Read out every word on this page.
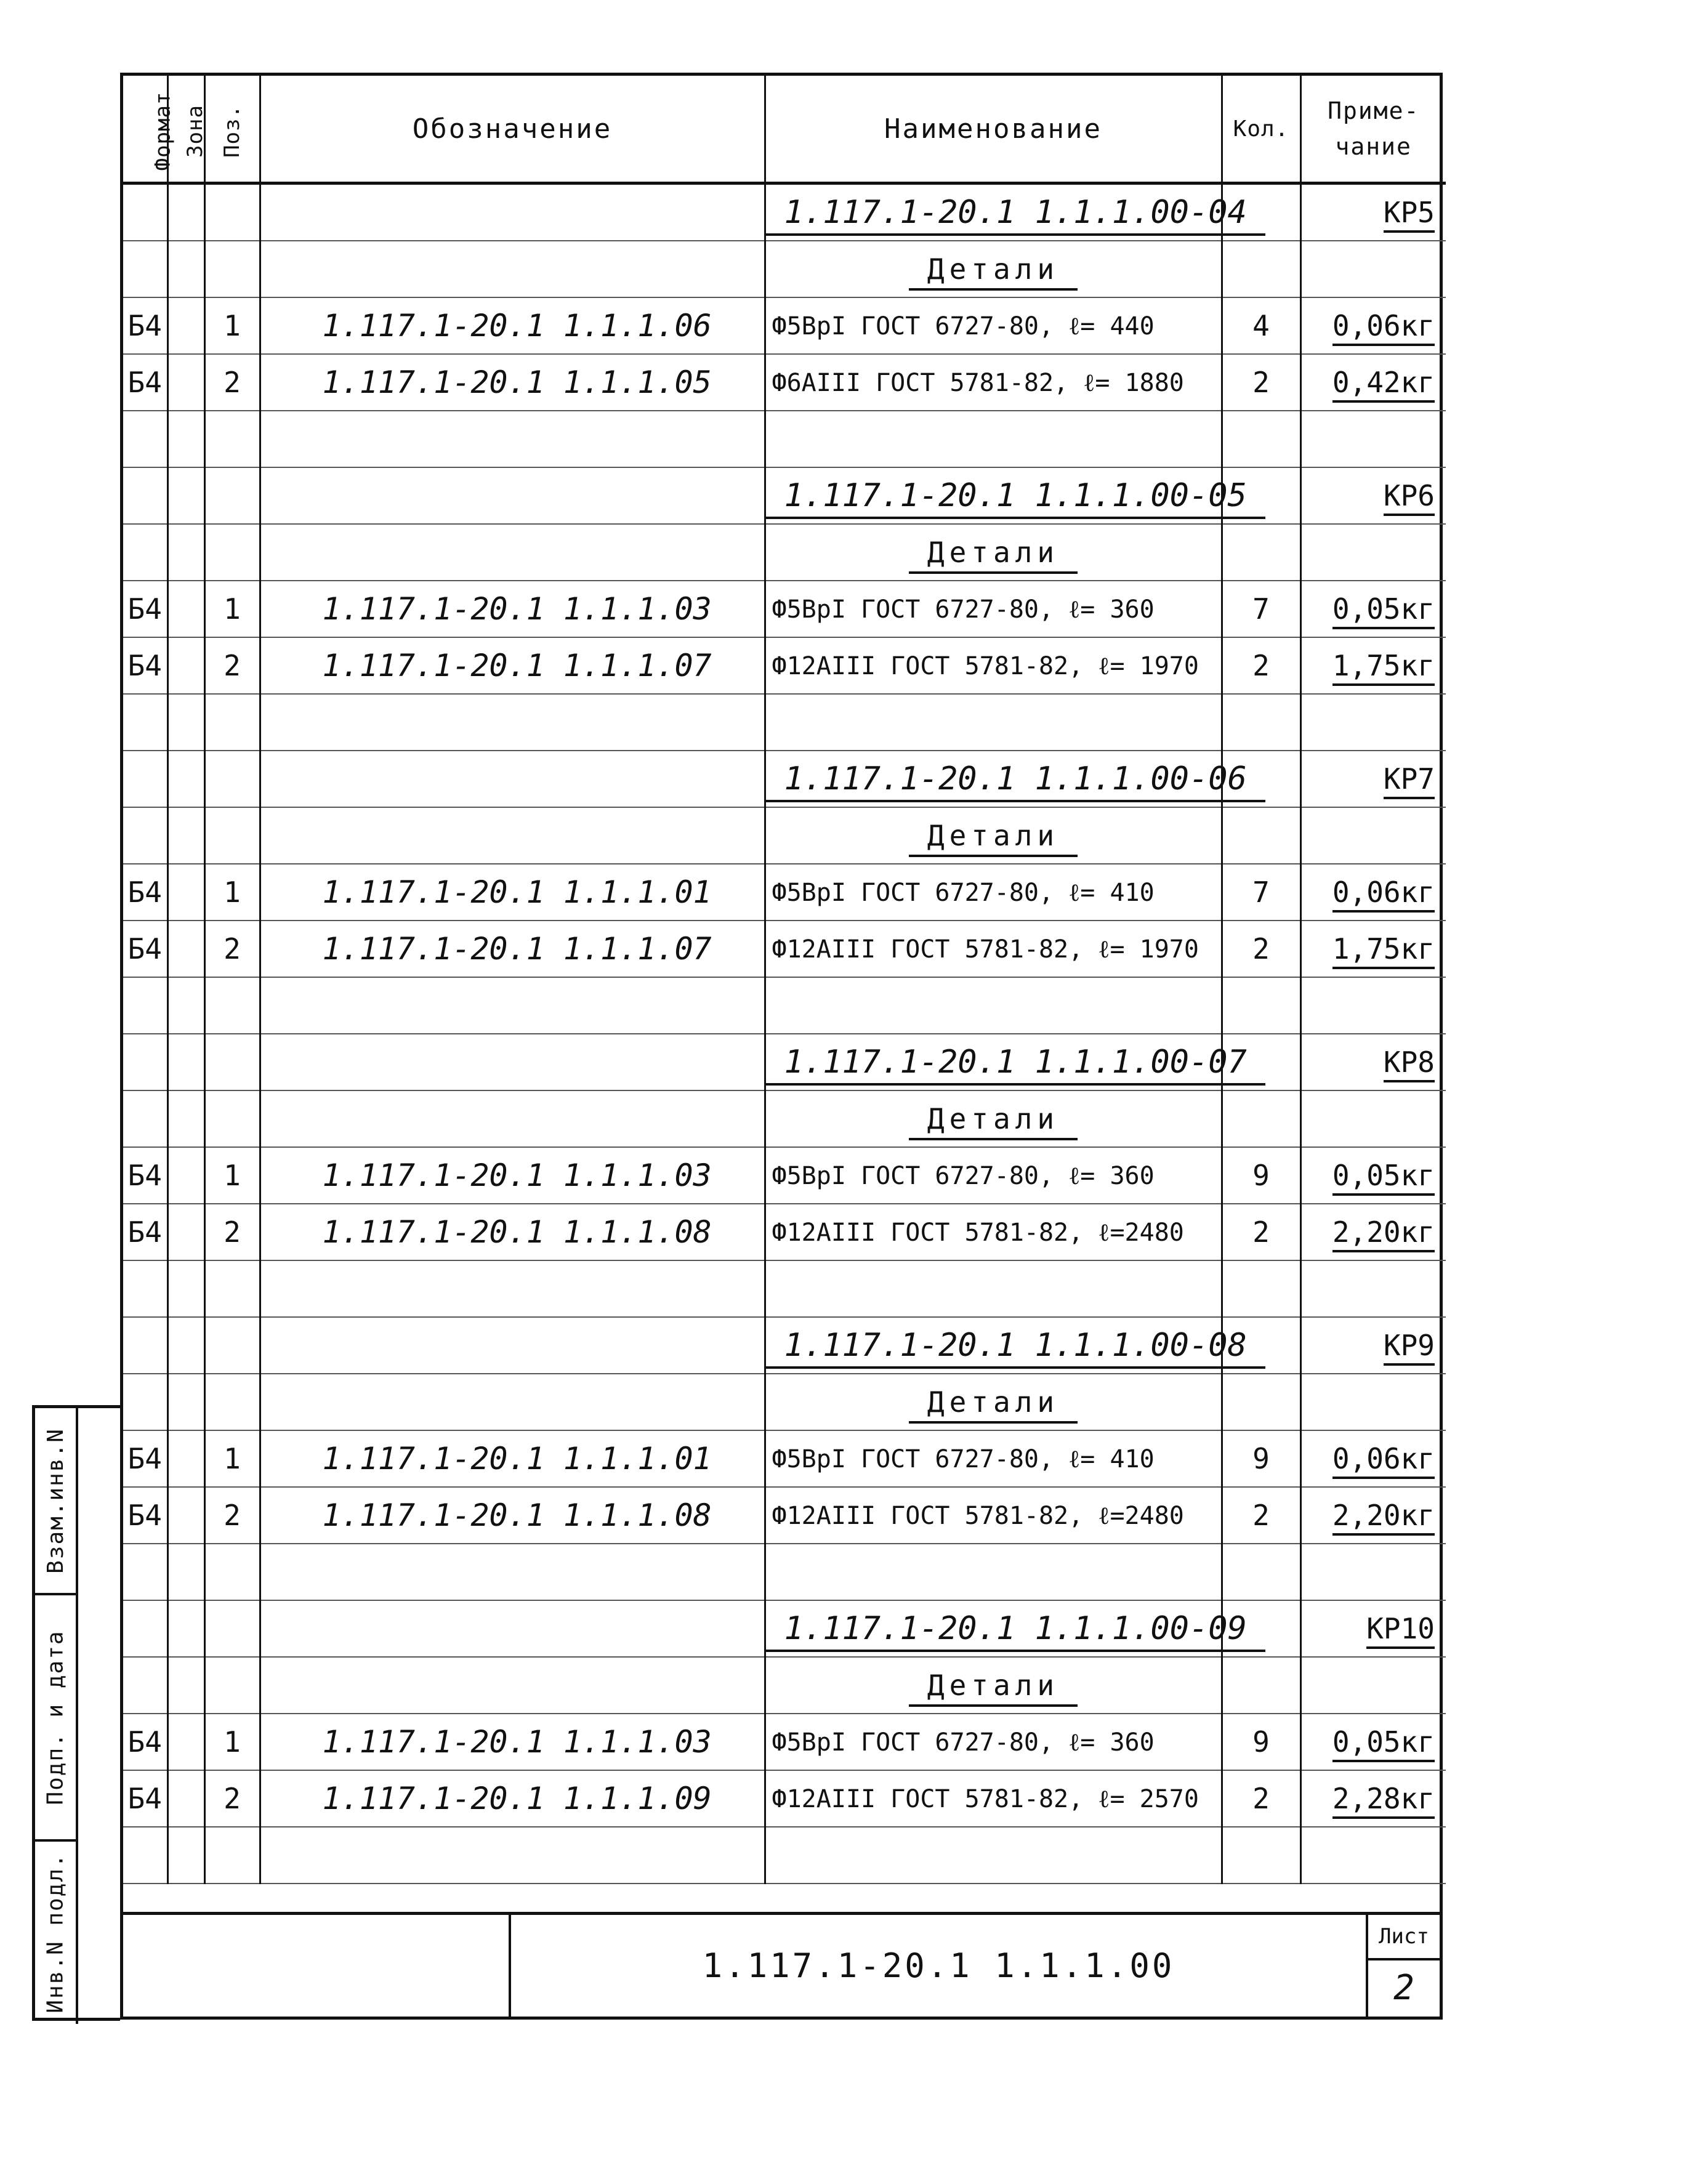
Формат	Зона	Поз.	Обозначение	Наименование	Кол.	Приме-чание
				1.117.1-20.1 1.1.1.00-04		КР5
				Детали		
Б4		1	1.117.1-20.1 1.1.1.06	Ф5ВрI ГОСТ 6727-80, ℓ= 440	4	0,06кг
Б4		2	1.117.1-20.1 1.1.1.05	Ф6АIII ГОСТ 5781-82, ℓ= 1880	2	0,42кг

				1.117.1-20.1 1.1.1.00-05		КР6
				Детали		
Б4		1	1.117.1-20.1 1.1.1.03	Ф5ВрI ГОСТ 6727-80, ℓ= 360	7	0,05кг
Б4		2	1.117.1-20.1 1.1.1.07	Ф12АIII ГОСТ 5781-82, ℓ= 1970	2	1,75кг

				1.117.1-20.1 1.1.1.00-06		КР7
				Детали		
Б4		1	1.117.1-20.1 1.1.1.01	Ф5ВрI ГОСТ 6727-80, ℓ= 410	7	0,06кг
Б4		2	1.117.1-20.1 1.1.1.07	Ф12АIII ГОСТ 5781-82, ℓ= 1970	2	1,75кг

				1.117.1-20.1 1.1.1.00-07		КР8
				Детали		
Б4		1	1.117.1-20.1 1.1.1.03	Ф5ВрI ГОСТ 6727-80, ℓ= 360	9	0,05кг
Б4		2	1.117.1-20.1 1.1.1.08	Ф12АIII ГОСТ 5781-82, ℓ=2480	2	2,20кг

				1.117.1-20.1 1.1.1.00-08		КР9
				Детали		
Б4		1	1.117.1-20.1 1.1.1.01	Ф5ВрI ГОСТ 6727-80, ℓ= 410	9	0,06кг
Б4		2	1.117.1-20.1 1.1.1.08	Ф12АIII ГОСТ 5781-82, ℓ=2480	2	2,20кг

				1.117.1-20.1 1.1.1.00-09		КР10
				Детали		
Б4		1	1.117.1-20.1 1.1.1.03	Ф5ВрI ГОСТ 6727-80, ℓ= 360	9	0,05кг
Б4		2	1.117.1-20.1 1.1.1.09	Ф12АIII ГОСТ 5781-82, ℓ= 2570	2	2,28кг

1.117.1-20.1 1.1.1.00
Лист
2
Взам.инв.N
Подп. и дата
Инв.N подл.
